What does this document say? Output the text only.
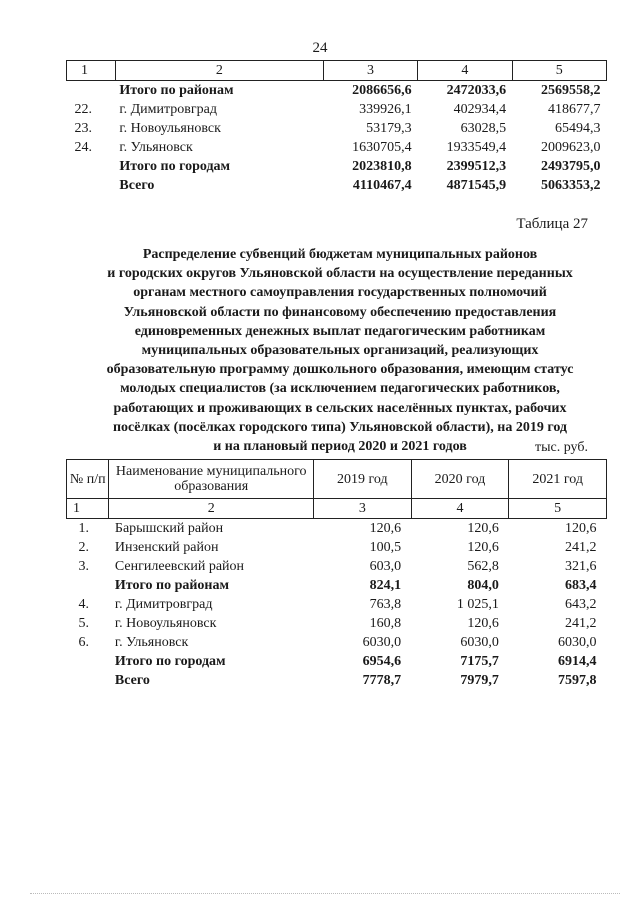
24
1	2	3	4	5
	Итого по районам	2086656,6	2472033,6	2569558,2
22.	г. Димитровград	339926,1	402934,4	418677,7
23.	г. Новоульяновск	53179,3	63028,5	65494,3
24.	г. Ульяновск	1630705,4	1933549,4	2009623,0
	Итого по городам	2023810,8	2399512,3	2493795,0
	Всего	4110467,4	4871545,9	5063353,2
Таблица 27
Распределение субвенций бюджетам муниципальных районов
и городских округов Ульяновской области на осуществление переданных
органам местного самоуправления государственных полномочий
Ульяновской области по финансовому обеспечению предоставления
единовременных денежных выплат педагогическим работникам
муниципальных образовательных организаций, реализующих
образовательную программу дошкольного образования, имеющим статус
молодых специалистов (за исключением педагогических работников,
работающих и проживающих в сельских населённых пунктах, рабочих
посёлках (посёлках городского типа) Ульяновской области), на 2019 год
и на плановый период 2020 и 2021 годов	тыс. руб.
№ п/п	Наименование муниципального образования	2019 год	2020 год	2021 год
1	2	3	4	5
1.	Барышский район	120,6	120,6	120,6
2.	Инзенский район	100,5	120,6	241,2
3.	Сенгилеевский район	603,0	562,8	321,6
	Итого по районам	824,1	804,0	683,4
4.	г. Димитровград	763,8	1 025,1	643,2
5.	г. Новоульяновск	160,8	120,6	241,2
6.	г. Ульяновск	6030,0	6030,0	6030,0
	Итого по городам	6954,6	7175,7	6914,4
	Всего	7778,7	7979,7	7597,8
